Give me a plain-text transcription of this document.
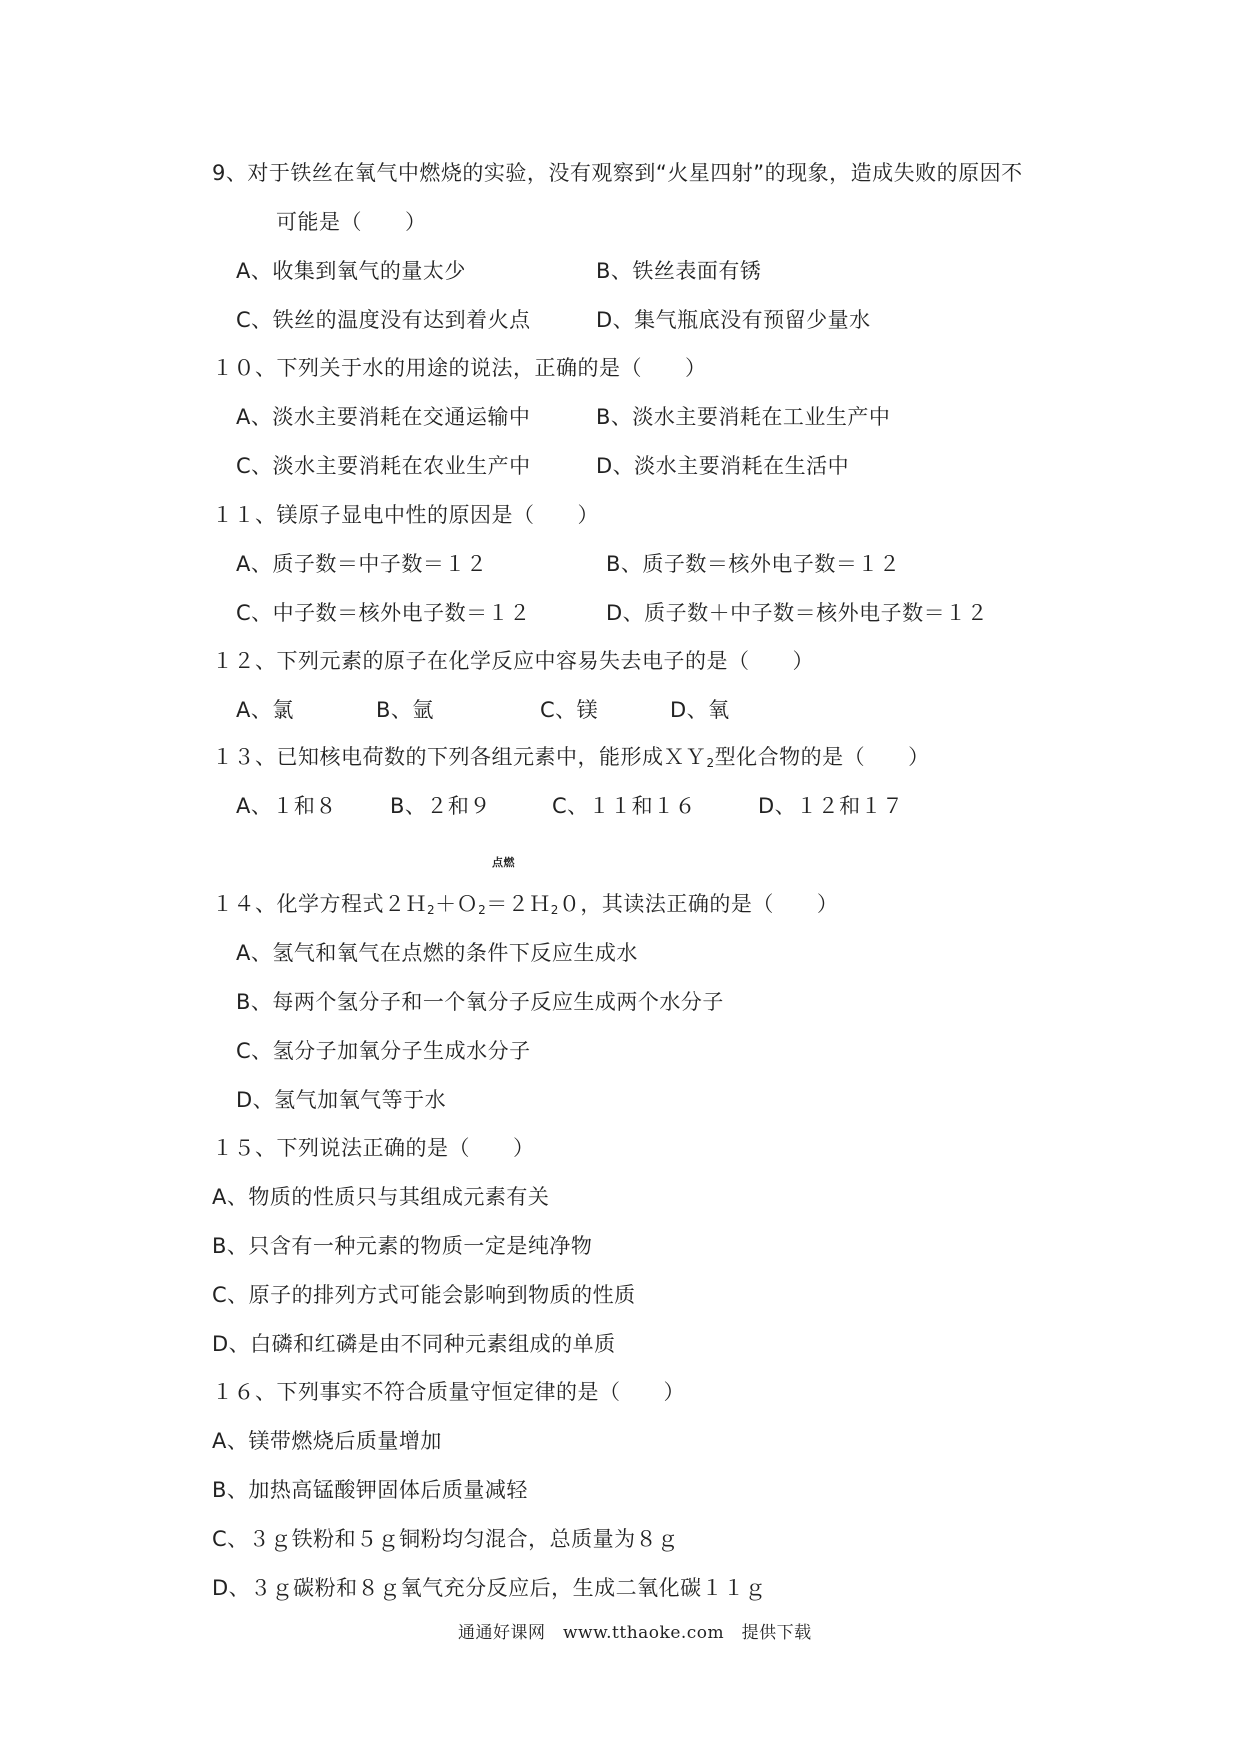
9、对于铁丝在氧气中燃烧的实验，没有观察到“火星四射”的现象，造成失败的原因不
可能是（　　）
A、收集到氧气的量太少	B、铁丝表面有锈
C、铁丝的温度没有达到着火点	D、集气瓶底没有预留少量水
１０、下列关于水的用途的说法，正确的是（　　）
A、淡水主要消耗在交通运输中	B、淡水主要消耗在工业生产中
C、淡水主要消耗在农业生产中	D、淡水主要消耗在生活中
１１、镁原子显电中性的原因是（　　）
A、质子数＝中子数＝１２	B、质子数＝核外电子数＝１２
C、中子数＝核外电子数＝１２	D、质子数＋中子数＝核外电子数＝１２
１２、下列元素的原子在化学反应中容易失去电子的是（　　）
A、氯	B、氩	C、镁	D、氧
１３、已知核电荷数的下列各组元素中，能形成ＸＹ$_2$型化合物的是（　　）
A、１和８	B、２和９	C、１１和１６	D、１２和１７
点燃
１４、化学方程式２Ｈ$_2$＋Ｏ$_2$＝２Ｈ$_2$０，其读法正确的是（　　）
A、氢气和氧气在点燃的条件下反应生成水
B、每两个氢分子和一个氧分子反应生成两个水分子
C、氢分子加氧分子生成水分子
D、氢气加氧气等于水
１５、下列说法正确的是（　　）
A、物质的性质只与其组成元素有关
B、只含有一种元素的物质一定是纯净物
C、原子的排列方式可能会影响到物质的性质
D、白磷和红磷是由不同种元素组成的单质
１６、下列事实不符合质量守恒定律的是（　　）
A、镁带燃烧后质量增加
B、加热高锰酸钾固体后质量减轻
C、３ｇ铁粉和５ｇ铜粉均匀混合，总质量为８ｇ
D、３ｇ碳粉和８ｇ氧气充分反应后，生成二氧化碳１１ｇ
通通好课网　www.tthaoke.com　提供下载
